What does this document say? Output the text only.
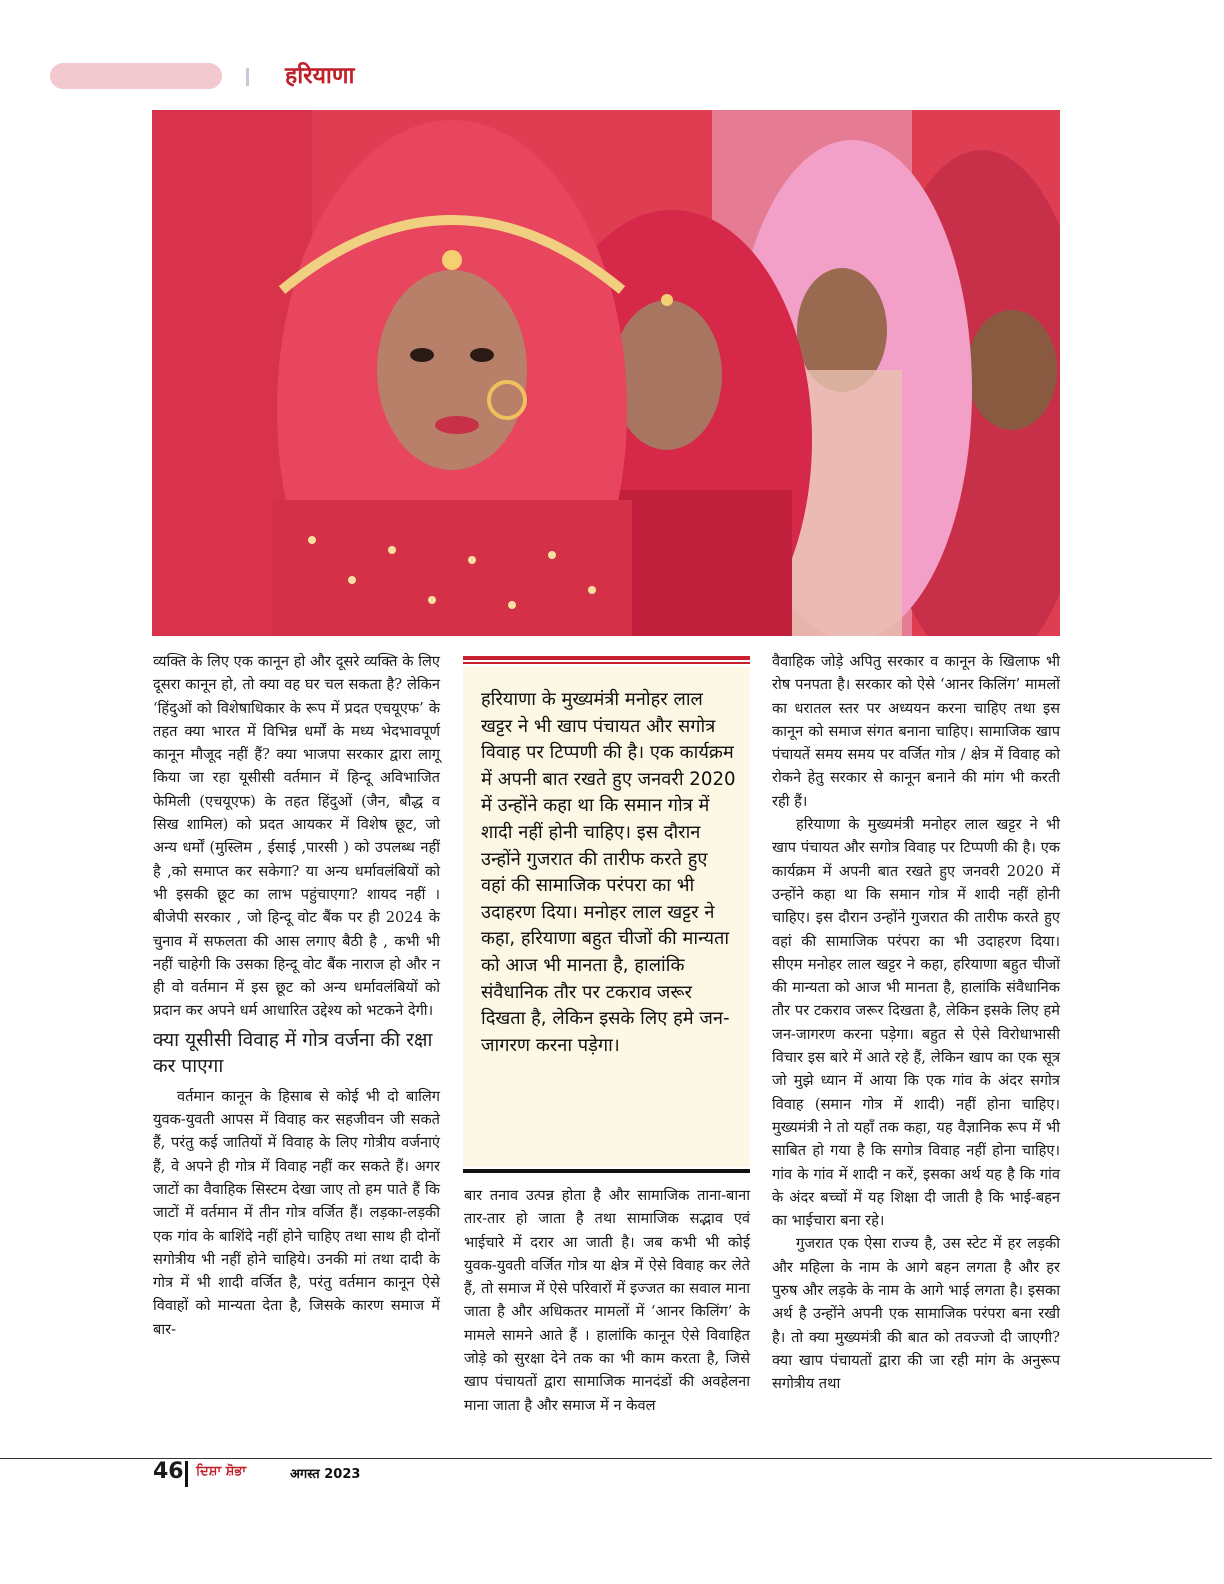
हरियाणा

व्यक्ति के लिए एक कानून हो और दूसरे व्यक्ति के लिए दूसरा कानून हो, तो क्या वह घर चल सकता है? लेकिन ‘हिंदुओं को विशेषाधिकार के रूप में प्रदत एचयूएफ’ के तहत क्या भारत में विभिन्न धर्मों के मध्य भेदभावपूर्ण कानून मौजूद नहीं हैं? क्या भाजपा सरकार द्वारा लागू किया जा रहा यूसीसी वर्तमान में हिन्दू अविभाजित फेमिली (एचयूएफ) के तहत हिंदुओं (जैन, बौद्ध व सिख शामिल) को प्रदत आयकर में विशेष छूट, जो अन्य धर्मों (मुस्लिम , ईसाई ,पारसी ) को उपलब्ध नहीं है ,को समाप्त कर सकेगा? या अन्य धर्मावलंबियों को भी इसकी छूट का लाभ पहुंचाएगा? शायद नहीं । बीजेपी सरकार , जो हिन्दू वोट बैंक पर ही 2024 के चुनाव में सफलता की आस लगाए बैठी है , कभी भी नहीं चाहेगी कि उसका हिन्दू वोट बैंक नाराज हो और न ही वो वर्तमान में इस छूट को अन्य धर्मावलंबियों को प्रदान कर अपने धर्म आधारित उद्देश्य को भटकने देगी।

क्या यूसीसी विवाह में गोत्र वर्जना की रक्षा कर पाएगा

वर्तमान कानून के हिसाब से कोई भी दो बालिग युवक-युवती आपस में विवाह कर सहजीवन जी सकते हैं, परंतु कई जातियों में विवाह के लिए गोत्रीय वर्जनाएं हैं, वे अपने ही गोत्र में विवाह नहीं कर सकते हैं। अगर जाटों का वैवाहिक सिस्टम देखा जाए तो हम पाते हैं कि जाटों में वर्तमान में तीन गोत्र वर्जित हैं। लड़का-लड़की एक गांव के बाशिंदे नहीं होने चाहिए तथा साथ ही दोनों सगोत्रीय भी नहीं होने चाहिये। उनकी मां तथा दादी के गोत्र में भी शादी वर्जित है, परंतु वर्तमान कानून ऐसे विवाहों को मान्यता देता है, जिसके कारण समाज में बार-

हरियाणा के मुख्यमंत्री मनोहर लाल खट्टर ने भी खाप पंचायत और सगोत्र विवाह पर टिप्पणी की है। एक कार्यक्रम में अपनी बात रखते हुए जनवरी 2020 में उन्होंने कहा था कि समान गोत्र में शादी नहीं होनी चाहिए। इस दौरान उन्होंने गुजरात की तारीफ करते हुए वहां की सामाजिक परंपरा का भी उदाहरण दिया। मनोहर लाल खट्टर ने कहा, हरियाणा बहुत चीजों की मान्यता को आज भी मानता है, हालांकि संवैधानिक तौर पर टकराव जरूर दिखता है, लेकिन इसके लिए हमे जन-जागरण करना पड़ेगा।

बार तनाव उत्पन्न होता है और सामाजिक ताना-बाना तार-तार हो जाता है तथा सामाजिक सद्भाव एवं भाईचारे में दरार आ जाती है। जब कभी भी कोई युवक-युवती वर्जित गोत्र या क्षेत्र में ऐसे विवाह कर लेते हैं, तो समाज में ऐसे परिवारों में इज्जत का सवाल माना जाता है और अधिकतर मामलों में ‘आनर किलिंग’ के मामले सामने आते हैं । हालांकि कानून ऐसे विवाहित जोड़े को सुरक्षा देने तक का भी काम करता है, जिसे खाप पंचायतों द्वारा सामाजिक मानदंडों की अवहेलना माना जाता है और समाज में न केवल

वैवाहिक जोड़े अपितु सरकार व कानून के खिलाफ भी रोष पनपता है। सरकार को ऐसे ‘आनर किलिंग’ मामलों का धरातल स्तर पर अध्ययन करना चाहिए तथा इस कानून को समाज संगत बनाना चाहिए। सामाजिक खाप पंचायतें समय समय पर वर्जित गोत्र / क्षेत्र में विवाह को रोकने हेतु सरकार से कानून बनाने की मांग भी करती रही हैं।

हरियाणा के मुख्यमंत्री मनोहर लाल खट्टर ने भी खाप पंचायत और सगोत्र विवाह पर टिप्पणी की है। एक कार्यक्रम में अपनी बात रखते हुए जनवरी 2020 में उन्होंने कहा था कि समान गोत्र में शादी नहीं होनी चाहिए। इस दौरान उन्होंने गुजरात की तारीफ करते हुए वहां की सामाजिक परंपरा का भी उदाहरण दिया। सीएम मनोहर लाल खट्टर ने कहा, हरियाणा बहुत चीजों की मान्यता को आज भी मानता है, हालांकि संवैधानिक तौर पर टकराव जरूर दिखता है, लेकिन इसके लिए हमे जन-जागरण करना पड़ेगा। बहुत से ऐसे विरोधाभासी विचार इस बारे में आते रहे हैं, लेकिन खाप का एक सूत्र जो मुझे ध्यान में आया कि एक गांव के अंदर सगोत्र विवाह (समान गोत्र में शादी) नहीं होना चाहिए। मुख्यमंत्री ने तो यहाँ तक कहा, यह वैज्ञानिक रूप में भी साबित हो गया है कि सगोत्र विवाह नहीं होना चाहिए। गांव के गांव में शादी न करें, इसका अर्थ यह है कि गांव के अंदर बच्चों में यह शिक्षा दी जाती है कि भाई-बहन का भाईचारा बना रहे।

गुजरात एक ऐसा राज्य है, उस स्टेट में हर लड़की और महिला के नाम के आगे बहन लगता है और हर पुरुष और लड़के के नाम के आगे भाई लगता है। इसका अर्थ है उन्होंने अपनी एक सामाजिक परंपरा बना रखी है। तो क्या मुख्यमंत्री की बात को तवज्जो दी जाएगी? क्या खाप पंचायतों द्वारा की जा रही मांग के अनुरूप सगोत्रीय तथा

46 ਦਿਸ਼ਾ ਸ਼ੋਭਾ	अगस्त 2023
